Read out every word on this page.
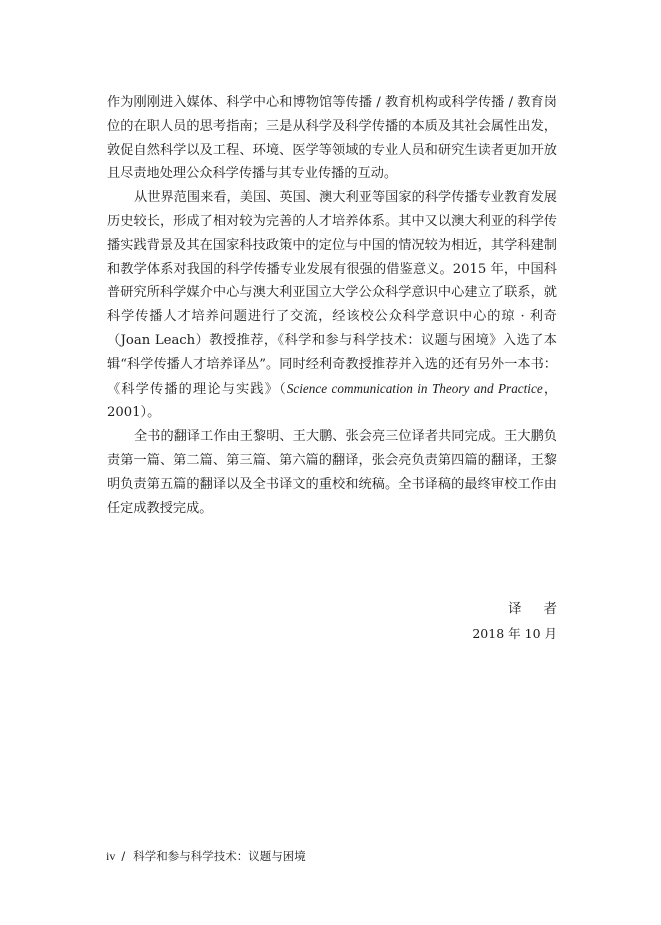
作为刚刚进入媒体、科学中心和博物馆等传播 / 教育机构或科学传播 / 教育岗位的在职人员的思考指南；三是从科学及科学传播的本质及其社会属性出发，敦促自然科学以及工程、环境、医学等领域的专业人员和研究生读者更加开放且尽责地处理公众科学传播与其专业传播的互动。

从世界范围来看，美国、英国、澳大利亚等国家的科学传播专业教育发展历史较长，形成了相对较为完善的人才培养体系。其中又以澳大利亚的科学传播实践背景及其在国家科技政策中的定位与中国的情况较为相近，其学科建制和教学体系对我国的科学传播专业发展有很强的借鉴意义。2015 年，中国科普研究所科学媒介中心与澳大利亚国立大学公众科学意识中心建立了联系，就科学传播人才培养问题进行了交流，经该校公众科学意识中心的琼 · 利奇（Joan Leach）教授推荐，《科学和参与科学技术：议题与困境》入选了本辑“科学传播人才培养译丛”。同时经利奇教授推荐并入选的还有另外一本书：《科学传播的理论与实践》（Science communication in Theory and Practice，2001）。

全书的翻译工作由王黎明、王大鹏、张会亮三位译者共同完成。王大鹏负责第一篇、第二篇、第三篇、第六篇的翻译，张会亮负责第四篇的翻译，王黎明负责第五篇的翻译以及全书译文的重校和统稿。全书译稿的最终审校工作由任定成教授完成。

译者
2018 年 10 月
iv / 科学和参与科学技术：议题与困境
